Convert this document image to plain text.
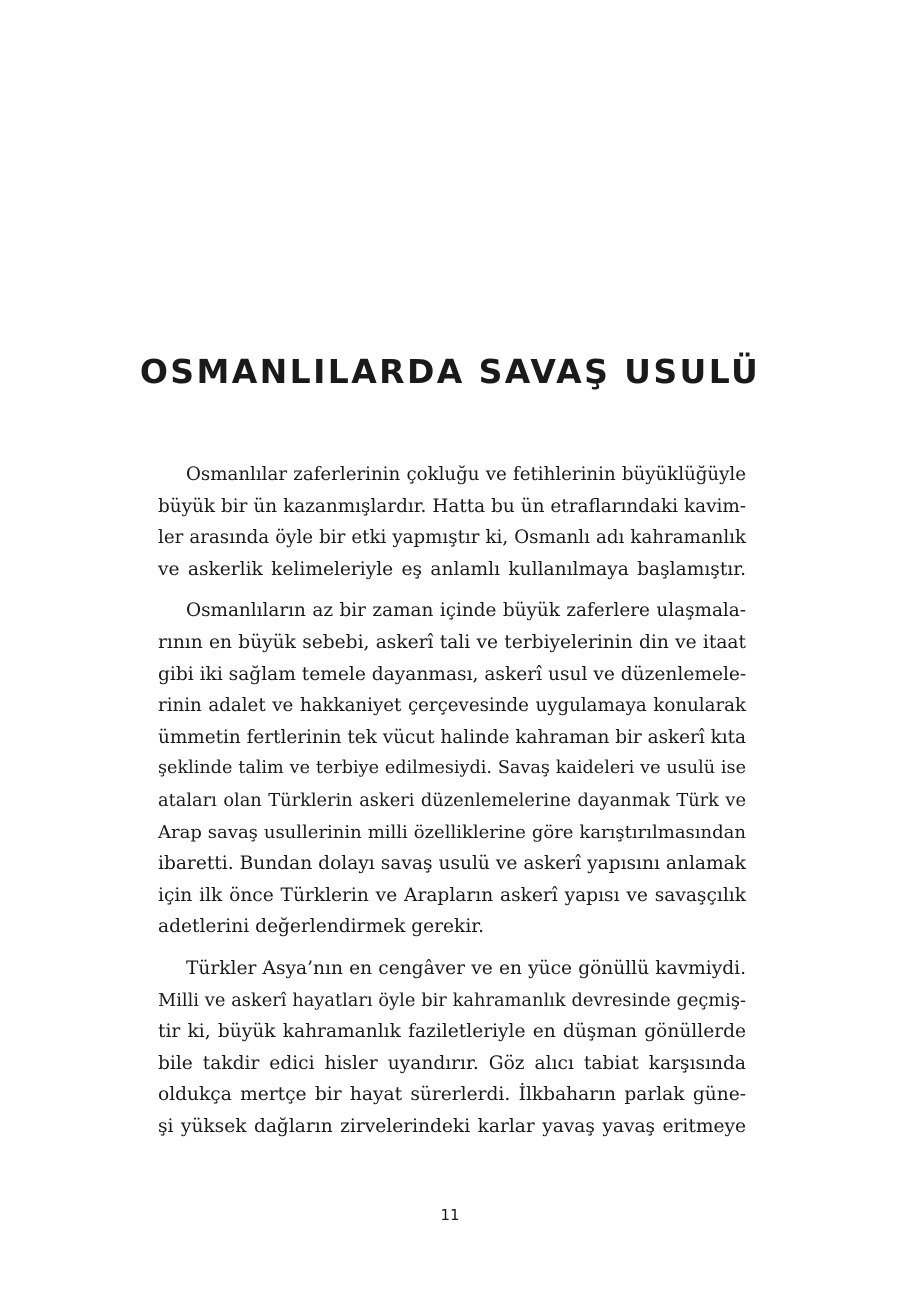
OSMANLILARDA SAVAŞ USULÜ

Osmanlılar zaferlerinin çokluğu ve fetihlerinin büyüklüğüyle
büyük bir ün kazanmışlardır. Hatta bu ün etraflarındaki kavim-
ler arasında öyle bir etki yapmıştır ki, Osmanlı adı kahramanlık
ve askerlik kelimeleriyle eş anlamlı kullanılmaya başlamıştır.

Osmanlıların az bir zaman içinde büyük zaferlere ulaşmala-
rının en büyük sebebi, askerî tali ve terbiyelerinin din ve itaat
gibi iki sağlam temele dayanması, askerî usul ve düzenlemele-
rinin adalet ve hakkaniyet çerçevesinde uygulamaya konularak
ümmetin fertlerinin tek vücut halinde kahraman bir askerî kıta
şeklinde talim ve terbiye edilmesiydi. Savaş kaideleri ve usulü ise
ataları olan Türklerin askeri düzenlemelerine dayanmak Türk ve
Arap savaş usullerinin milli özelliklerine göre karıştırılmasından
ibaretti. Bundan dolayı savaş usulü ve askerî yapısını anlamak
için ilk önce Türklerin ve Arapların askerî yapısı ve savaşçılık
adetlerini değerlendirmek gerekir.

Türkler Asya’nın en cengâver ve en yüce gönüllü kavmiydi.
Milli ve askerî hayatları öyle bir kahramanlık devresinde geçmiş-
tir ki, büyük kahramanlık faziletleriyle en düşman gönüllerde
bile takdir edici hisler uyandırır. Göz alıcı tabiat karşısında
oldukça mertçe bir hayat sürerlerdi. İlkbaharın parlak güne-
şi yüksek dağların zirvelerindeki karlar yavaş yavaş eritmeye

11
